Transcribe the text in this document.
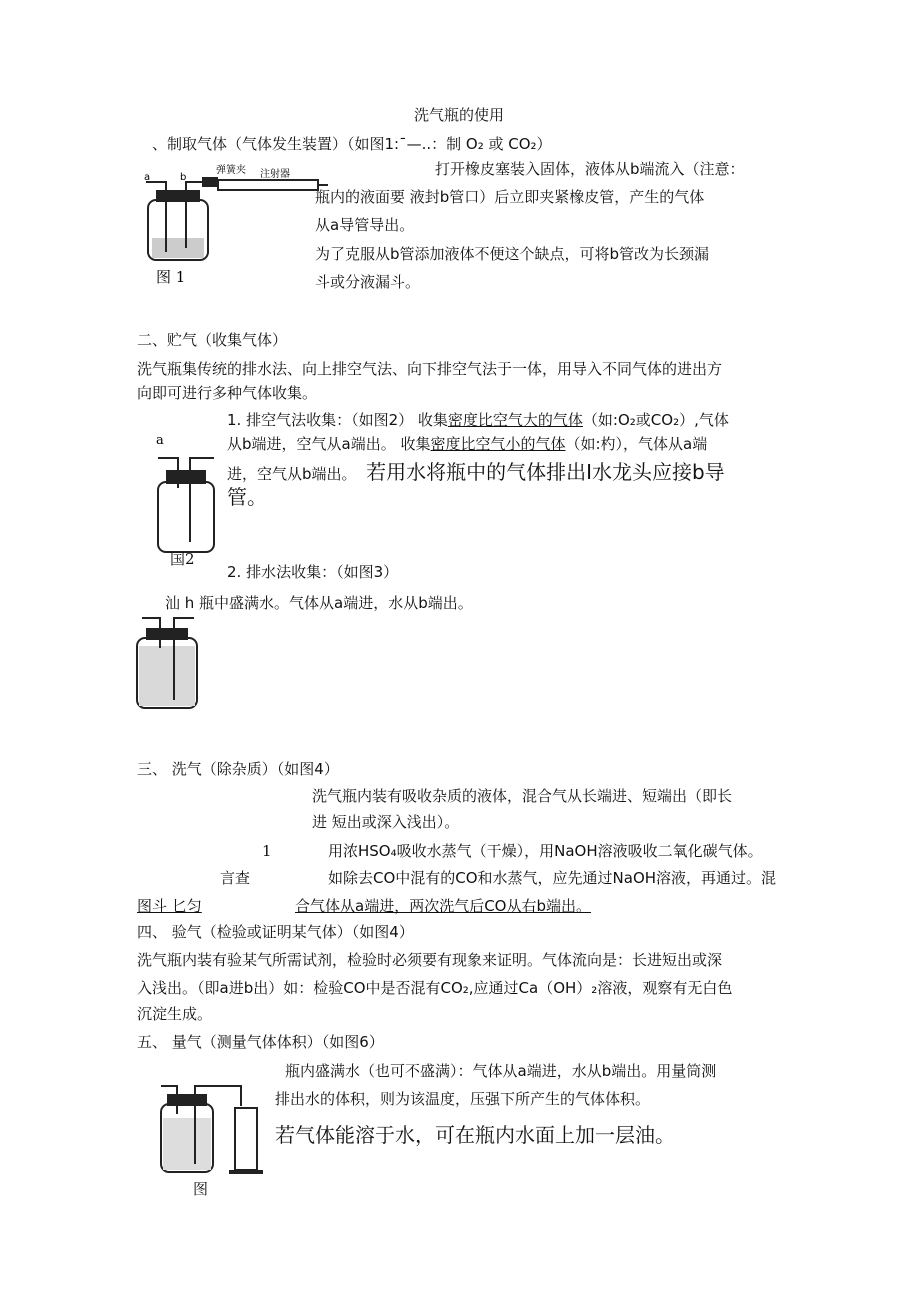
洗气瓶的使用
、制取气体（气体发生装置）（如图1:¯—..：制 O₂ 或 CO₂）
打开橡皮塞装入固体，液体从b端流入（注意：
瓶内的液面要 液封b管口）后立即夹紧橡皮管，产生的气体
从a导管导出。
为了克服从b管添加液体不便这个缺点，可将b管改为长颈漏
斗或分液漏斗。
a	b
弹簧夹 注射器
图 1
二、贮气（收集气体）
洗气瓶集传统的排水法、向上排空气法、向下排空气法于一体，用导入不同气体的进出方
向即可进行多种气体收集。
1. 排空气法收集：（如图2） 收集密度比空气大的气体（如:O₂或CO₂）,气体
从b端进，空气从a端出。 收集密度比空气小的气体（如:杓），气体从a端
进，空气从b端出。 若用水将瓶中的气体排出I水龙头应接b导
管。
a
国2
2. 排水法收集：（如图3）
汕 h 瓶中盛满水。气体从a端进，水从b端出。
三、 洗气（除杂质）（如图4）
洗气瓶内装有吸收杂质的液体，混合气从长端进、短端出（即长
进 短出或深入浅出）。
1	用浓HSO₄吸收水蒸气（干燥），用NaOH溶液吸收二氧化碳气体。
言查	如除去CO中混有的CO和水蒸气，应先通过NaOH溶液，再通过。混
图斗 匕匀	合气体从a端进，两次洗气后CO从右b端出。
四、 验气（检验或证明某气体）（如图4）
洗气瓶内装有验某气所需试剂，检验时必须要有现象来证明。气体流向是：长进短出或深
入浅出。（即a进b出）如：检验CO中是否混有CO₂,应通过Ca（OH）₂溶液，观察有无白色
沉淀生成。
五、 量气（测量气体体积）（如图6）
瓶内盛满水（也可不盛满）：气体从a端进，水从b端出。用量筒测
排出水的体积，则为该温度，压强下所产生的气体体积。
若气体能溶于水，可在瓶内水面上加一层油。
图
